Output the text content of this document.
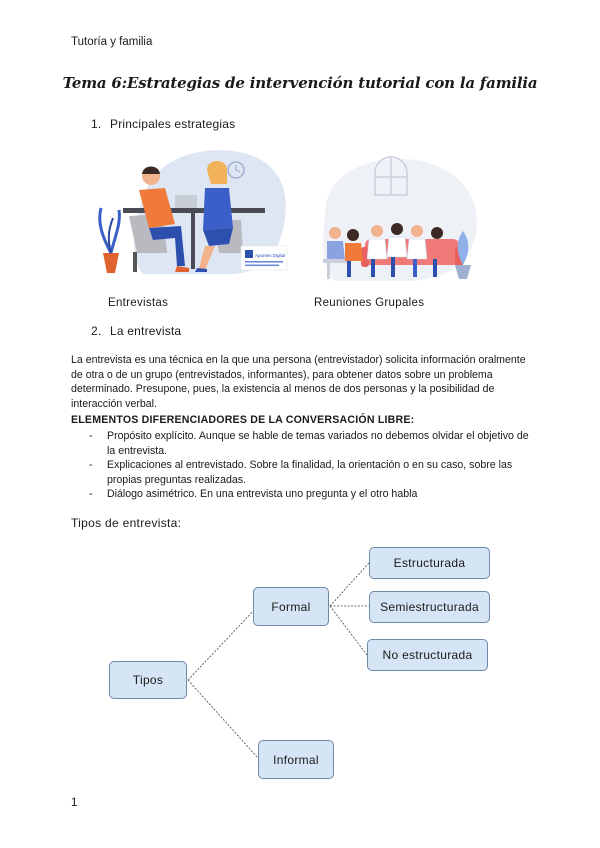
Tutoría y familia
Tema 6:Estrategias de intervención tutorial con la familia
1. Principales estrategias
Apuntes Digital
Entrevistas	Reuniones Grupales
2. La entrevista
La entrevista es una técnica en la que una persona (entrevistador) solicita información oralmente de otra o de un grupo (entrevistados, informantes), para obtener datos sobre un problema determinado. Presupone, pues, la existencia al menos de dos personas y la posibilidad de interacción verbal.
ELEMENTOS DIFERENCIADORES DE LA CONVERSACIÓN LIBRE:
- Propósito explícito. Aunque se hable de temas variados no debemos olvidar el objetivo de la entrevista.
- Explicaciones al entrevistado. Sobre la finalidad, la orientación o en su caso, sobre las propias preguntas realizadas.
- Diálogo asimétrico. En una entrevista uno pregunta y el otro habla
Tipos de entrevista:
Tipos
Formal
Informal
Estructurada
Semiestructurada
No estructurada
1
